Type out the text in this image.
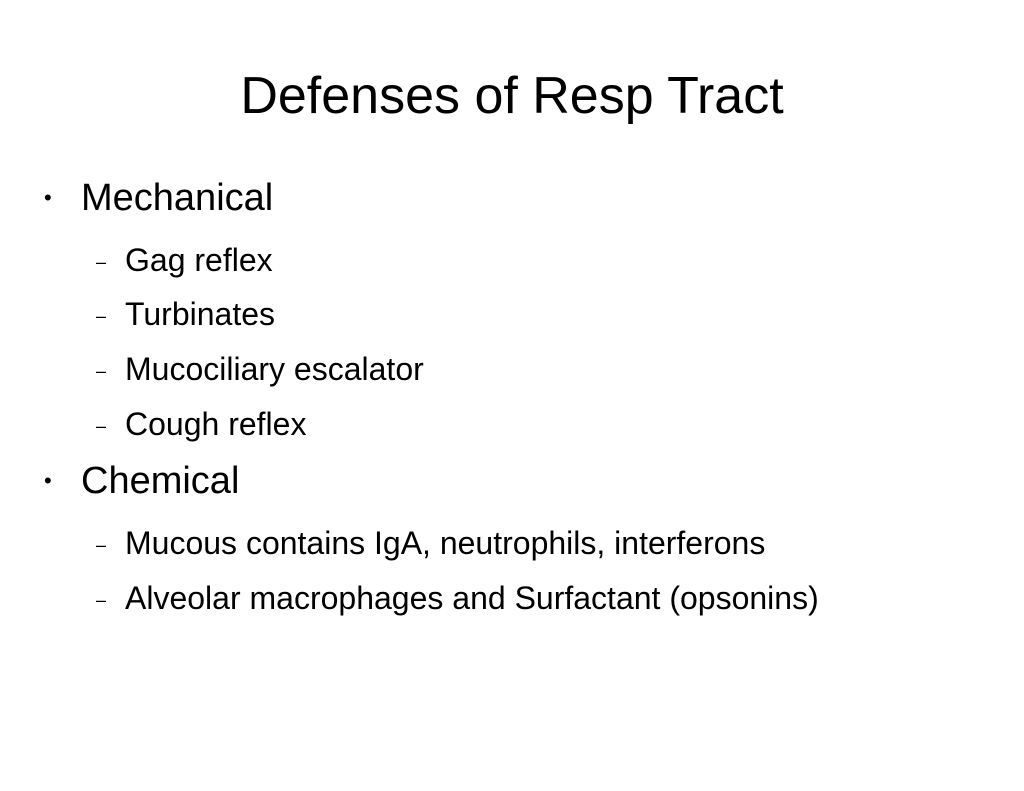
Defenses of Resp Tract
• Mechanical
– Gag reflex
– Turbinates
– Mucociliary escalator
– Cough reflex
• Chemical
– Mucous contains IgA, neutrophils, interferons
– Alveolar macrophages and Surfactant (opsonins)
